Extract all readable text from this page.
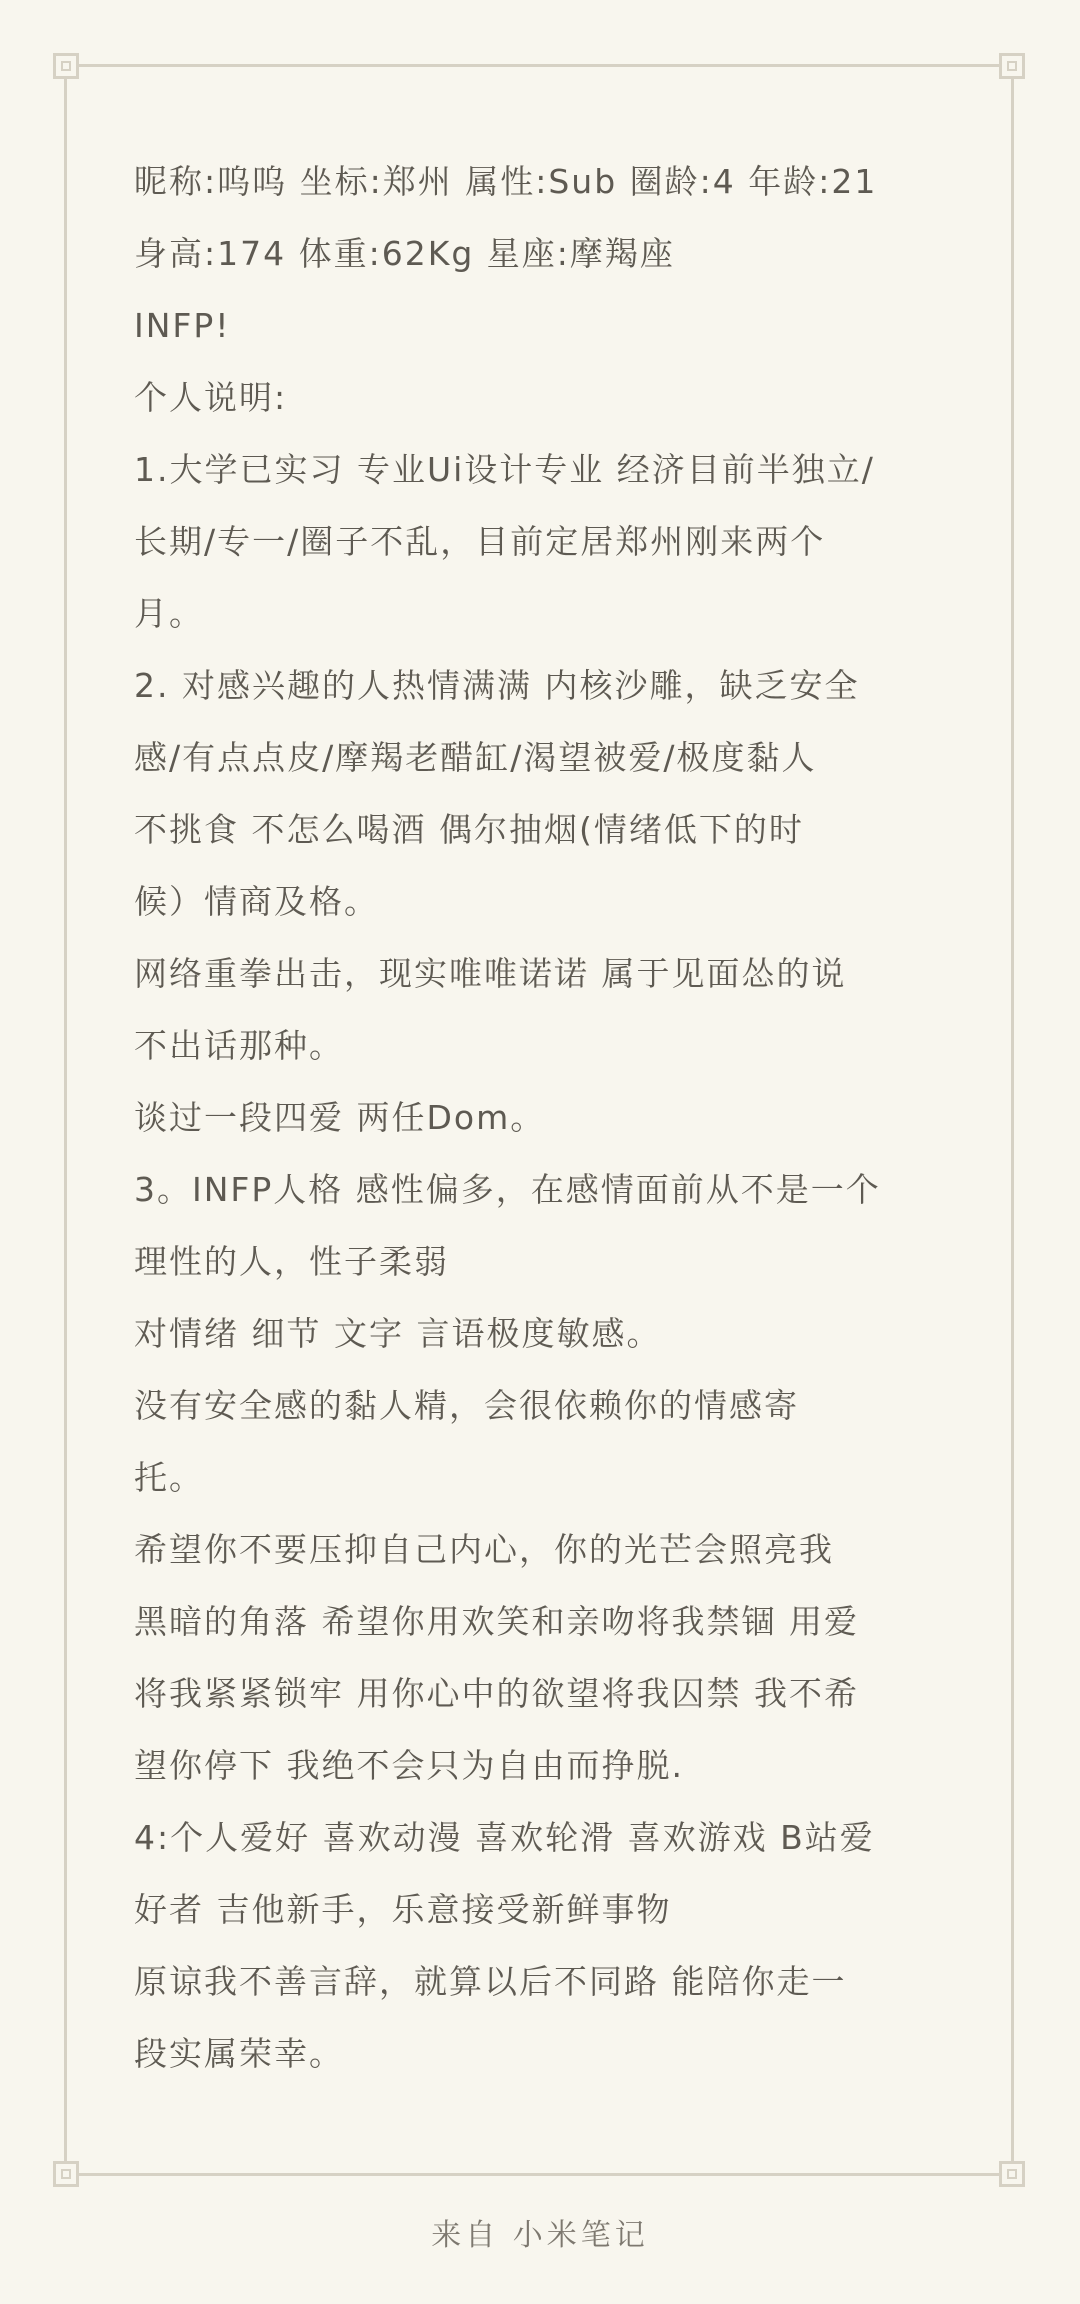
昵称:呜呜 坐标:郑州 属性:Sub 圈龄:4 年龄:21
身高:174 体重:62Kg 星座:摩羯座
INFP!
个人说明:
1.大学已实习 专业Ui设计专业 经济目前半独立/
长期/专一/圈子不乱，目前定居郑州刚来两个
月。
2. 对感兴趣的人热情满满 内核沙雕，缺乏安全
感/有点点皮/摩羯老醋缸/渴望被爱/极度黏人
不挑食 不怎么喝酒 偶尔抽烟(情绪低下的时
候）情商及格。
网络重拳出击，现实唯唯诺诺 属于见面怂的说
不出话那种。
谈过一段四爱 两任Dom。
3。INFP人格 感性偏多，在感情面前从不是一个
理性的人，性子柔弱
对情绪 细节 文字 言语极度敏感。
没有安全感的黏人精，会很依赖你的情感寄
托。
希望你不要压抑自己内心，你的光芒会照亮我
黑暗的角落 希望你用欢笑和亲吻将我禁锢 用爱
将我紧紧锁牢 用你心中的欲望将我囚禁 我不希
望你停下 我绝不会只为自由而挣脱.
4:个人爱好 喜欢动漫 喜欢轮滑 喜欢游戏 B站爱
好者 吉他新手，乐意接受新鲜事物
原谅我不善言辞，就算以后不同路 能陪你走一
段实属荣幸。
来自 小米笔记
